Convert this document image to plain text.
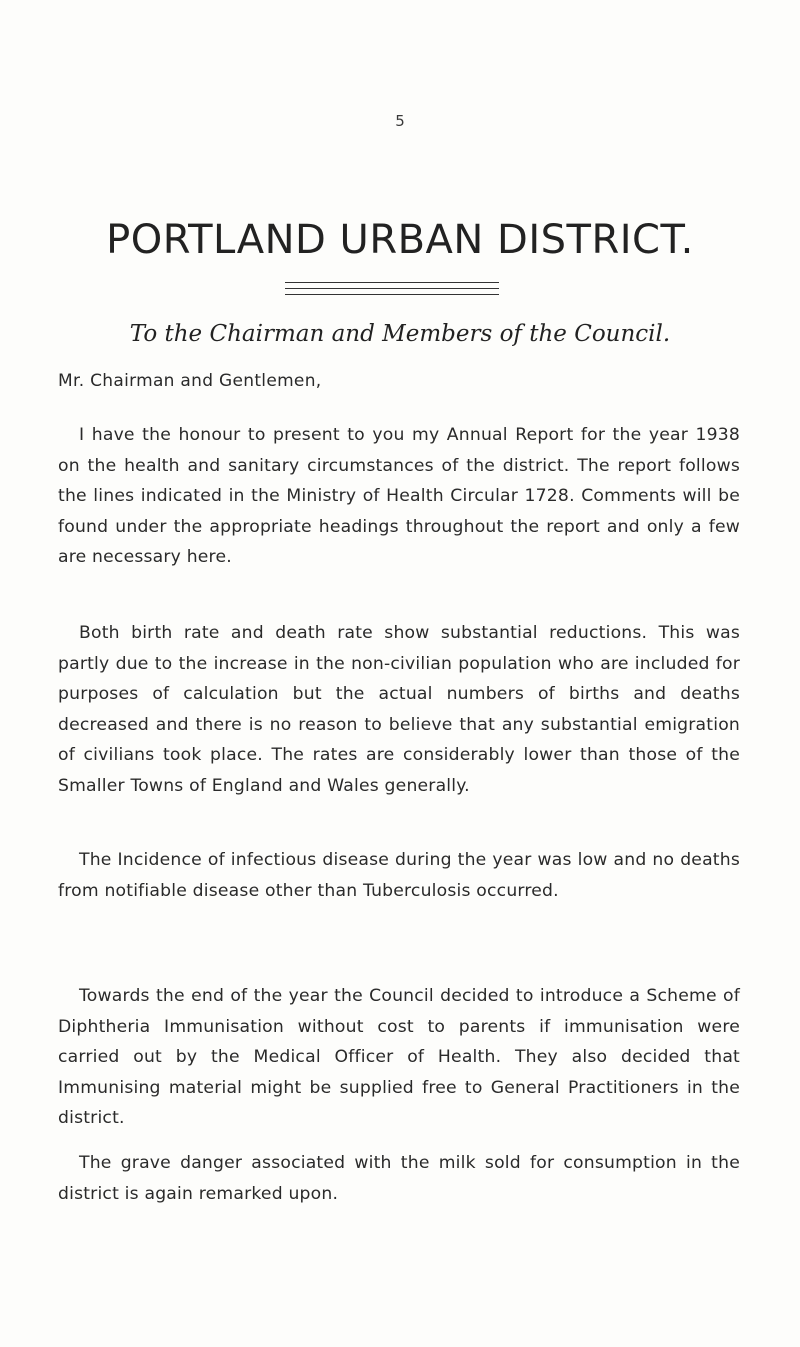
5

PORTLAND URBAN DISTRICT.

To the Chairman and Members of the Council.

Mr. Chairman and Gentlemen,

I have the honour to present to you my Annual Report for the year 1938 on the health and sanitary circumstances of the district. The report follows the lines indicated in the Ministry of Health Circular 1728. Comments will be found under the appropriate headings throughout the report and only a few are necessary here.

Both birth rate and death rate show substantial reductions. This was partly due to the increase in the non-civilian population who are included for purposes of calculation but the actual numbers of births and deaths decreased and there is no reason to believe that any substantial emigration of civilians took place. The rates are considerably lower than those of the Smaller Towns of England and Wales generally.

The Incidence of infectious disease during the year was low and no deaths from notifiable disease other than Tuberculosis occurred.

Towards the end of the year the Council decided to introduce a Scheme of Diphtheria Immunisation without cost to parents if immunisation were carried out by the Medical Officer of Health. They also decided that Immunising material might be supplied free to General Practitioners in the district.

The grave danger associated with the milk sold for consumption in the district is again remarked upon.
